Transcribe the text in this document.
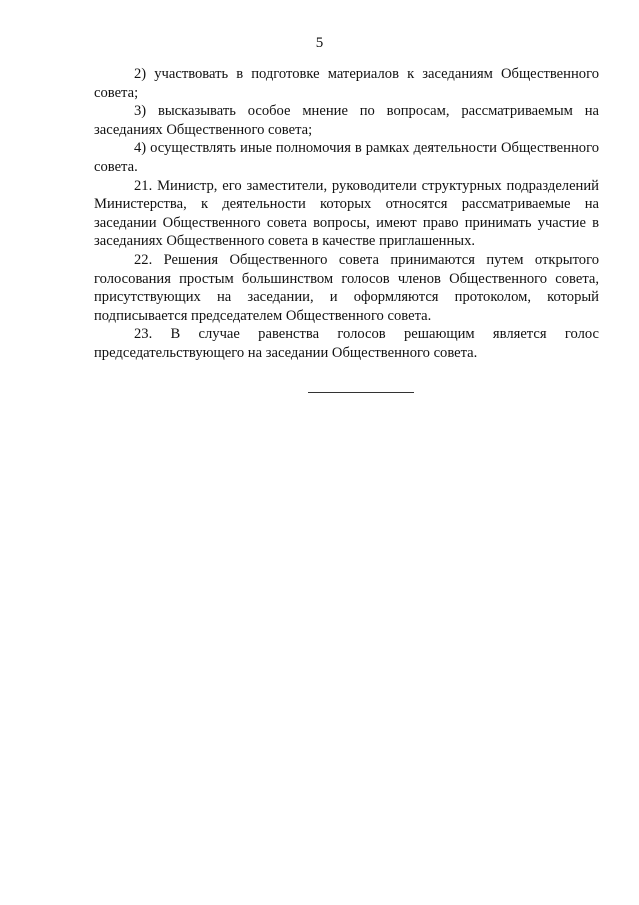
5

2) участвовать в подготовке материалов к заседаниям Общественного совета;

3) высказывать особое мнение по вопросам, рассматриваемым на заседаниях Общественного совета;

4) осуществлять иные полномочия в рамках деятельности Общественного совета.

21. Министр, его заместители, руководители структурных подразделений Министерства, к деятельности которых относятся рассматриваемые на заседании Общественного совета вопросы, имеют право принимать участие в заседаниях Общественного совета в качестве приглашенных.

22. Решения Общественного совета принимаются путем открытого голосования простым большинством голосов членов Общественного совета, присутствующих на заседании, и оформляются протоколом, который подписывается председателем Общественного совета.

23. В случае равенства голосов решающим является голос председательствующего на заседании Общественного совета.
